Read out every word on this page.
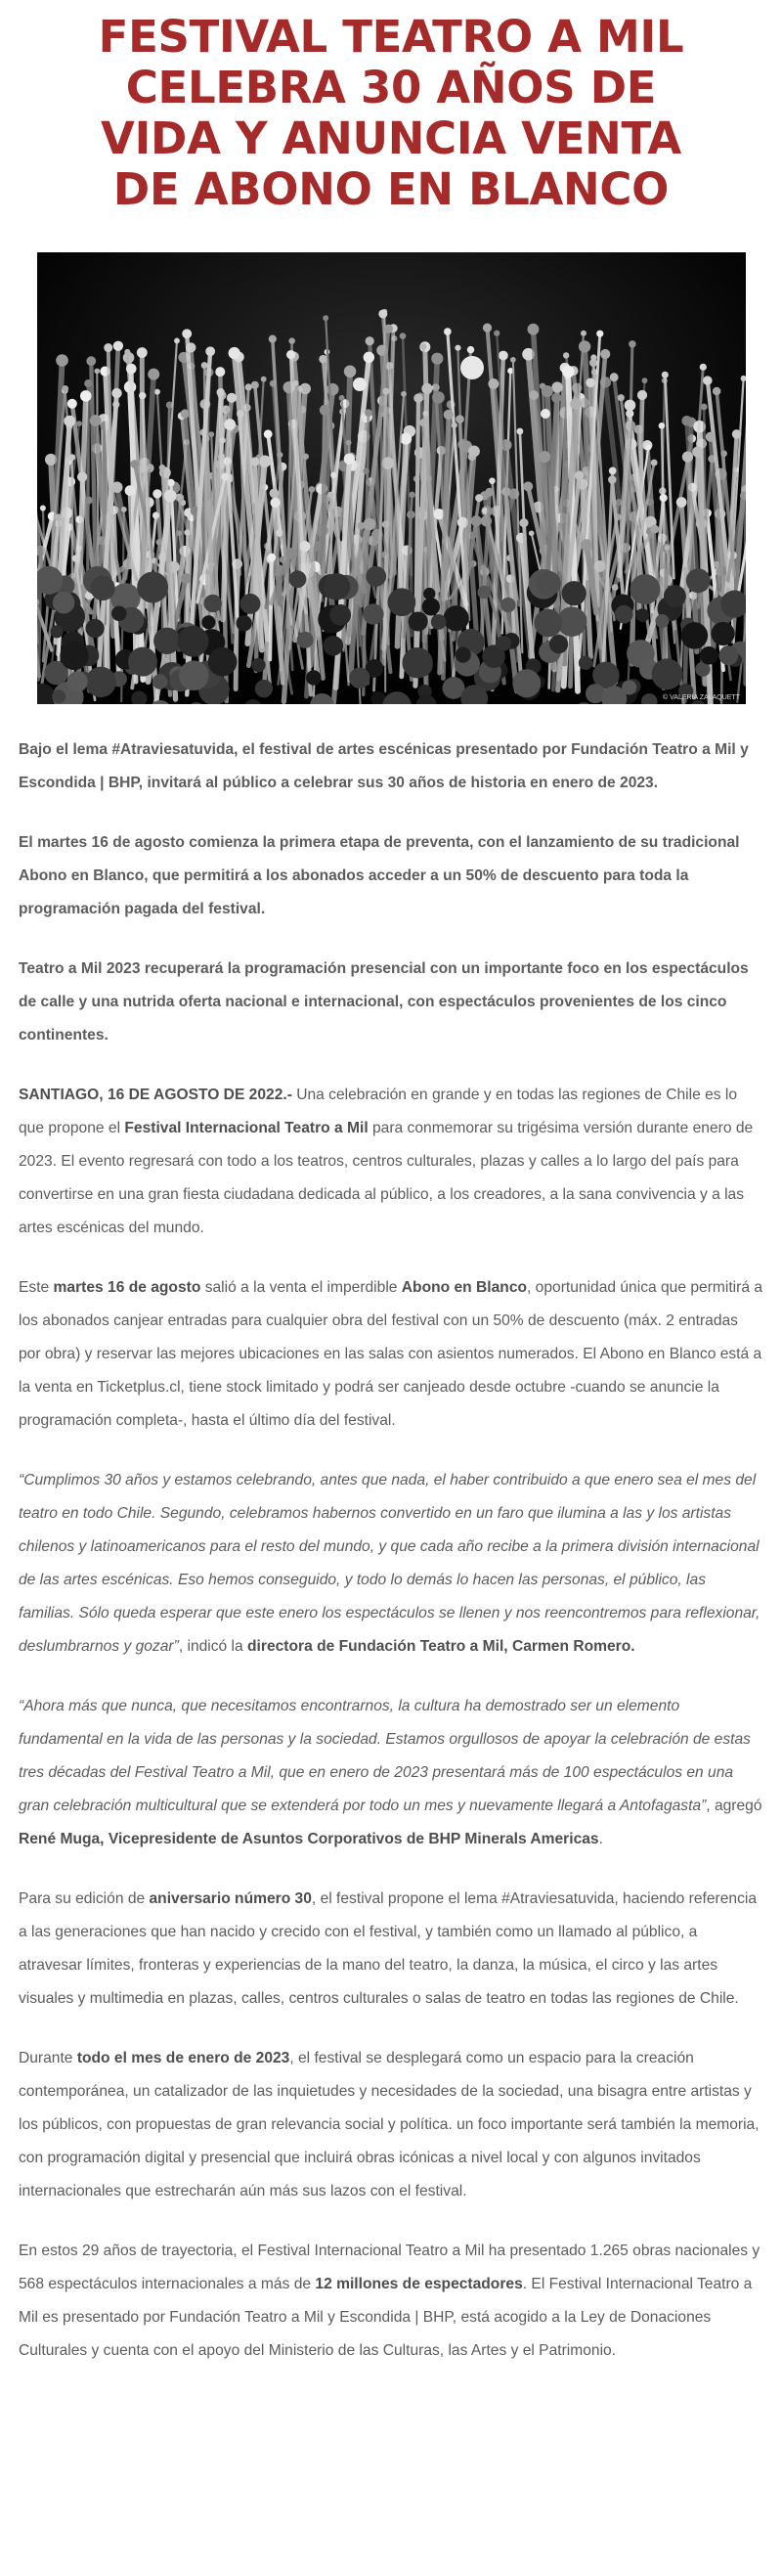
FESTIVAL TEATRO A MIL
CELEBRA 30 AÑOS DE
VIDA Y ANUNCIA VENTA
DE ABONO EN BLANCO
© VALERIA ZALAQUETT

Bajo el lema #Atraviesatuvida, el festival de artes escénicas presentado por Fundación Teatro a Mil y Escondida | BHP, invitará al público a celebrar sus 30 años de historia en enero de 2023.

El martes 16 de agosto comienza la primera etapa de preventa, con el lanzamiento de su tradicional Abono en Blanco, que permitirá a los abonados acceder a un 50% de descuento para toda la programación pagada del festival.

Teatro a Mil 2023 recuperará la programación presencial con un importante foco en los espectáculos de calle y una nutrida oferta nacional e internacional, con espectáculos provenientes de los cinco continentes.

SANTIAGO, 16 DE AGOSTO DE 2022.- Una celebración en grande y en todas las regiones de Chile es lo que propone el Festival Internacional Teatro a Mil para conmemorar su trigésima versión durante enero de 2023. El evento regresará con todo a los teatros, centros culturales, plazas y calles a lo largo del país para convertirse en una gran fiesta ciudadana dedicada al público, a los creadores, a la sana convivencia y a las artes escénicas del mundo.

Este martes 16 de agosto salió a la venta el imperdible Abono en Blanco, oportunidad única que permitirá a los abonados canjear entradas para cualquier obra del festival con un 50% de descuento (máx. 2 entradas por obra) y reservar las mejores ubicaciones en las salas con asientos numerados. El Abono en Blanco está a la venta en Ticketplus.cl, tiene stock limitado y podrá ser canjeado desde octubre -cuando se anuncie la programación completa-, hasta el último día del festival.

“Cumplimos 30 años y estamos celebrando, antes que nada, el haber contribuido a que enero sea el mes del teatro en todo Chile. Segundo, celebramos habernos convertido en un faro que ilumina a las y los artistas chilenos y latinoamericanos para el resto del mundo, y que cada año recibe a la primera división internacional de las artes escénicas. Eso hemos conseguido, y todo lo demás lo hacen las personas, el público, las familias. Sólo queda esperar que este enero los espectáculos se llenen y nos reencontremos para reflexionar, deslumbrarnos y gozar”, indicó la directora de Fundación Teatro a Mil, Carmen Romero.

“Ahora más que nunca, que necesitamos encontrarnos, la cultura ha demostrado ser un elemento fundamental en la vida de las personas y la sociedad. Estamos orgullosos de apoyar la celebración de estas tres décadas del Festival Teatro a Mil, que en enero de 2023 presentará más de 100 espectáculos en una gran celebración multicultural que se extenderá por todo un mes y nuevamente llegará a Antofagasta”, agregó René Muga, Vicepresidente de Asuntos Corporativos de BHP Minerals Americas.

Para su edición de aniversario número 30, el festival propone el lema #Atraviesatuvida, haciendo referencia a las generaciones que han nacido y crecido con el festival, y también como un llamado al público, a atravesar límites, fronteras y experiencias de la mano del teatro, la danza, la música, el circo y las artes visuales y multimedia en plazas, calles, centros culturales o salas de teatro en todas las regiones de Chile.

Durante todo el mes de enero de 2023, el festival se desplegará como un espacio para la creación contemporánea, un catalizador de las inquietudes y necesidades de la sociedad, una bisagra entre artistas y los públicos, con propuestas de gran relevancia social y política. un foco importante será también la memoria, con programación digital y presencial que incluirá obras icónicas a nivel local y con algunos invitados internacionales que estrecharán aún más sus lazos con el festival.

En estos 29 años de trayectoria, el Festival Internacional Teatro a Mil ha presentado 1.265 obras nacionales y 568 espectáculos internacionales a más de 12 millones de espectadores. El Festival Internacional Teatro a Mil es presentado por Fundación Teatro a Mil y Escondida | BHP, está acogido a la Ley de Donaciones Culturales y cuenta con el apoyo del Ministerio de las Culturas, las Artes y el Patrimonio.
